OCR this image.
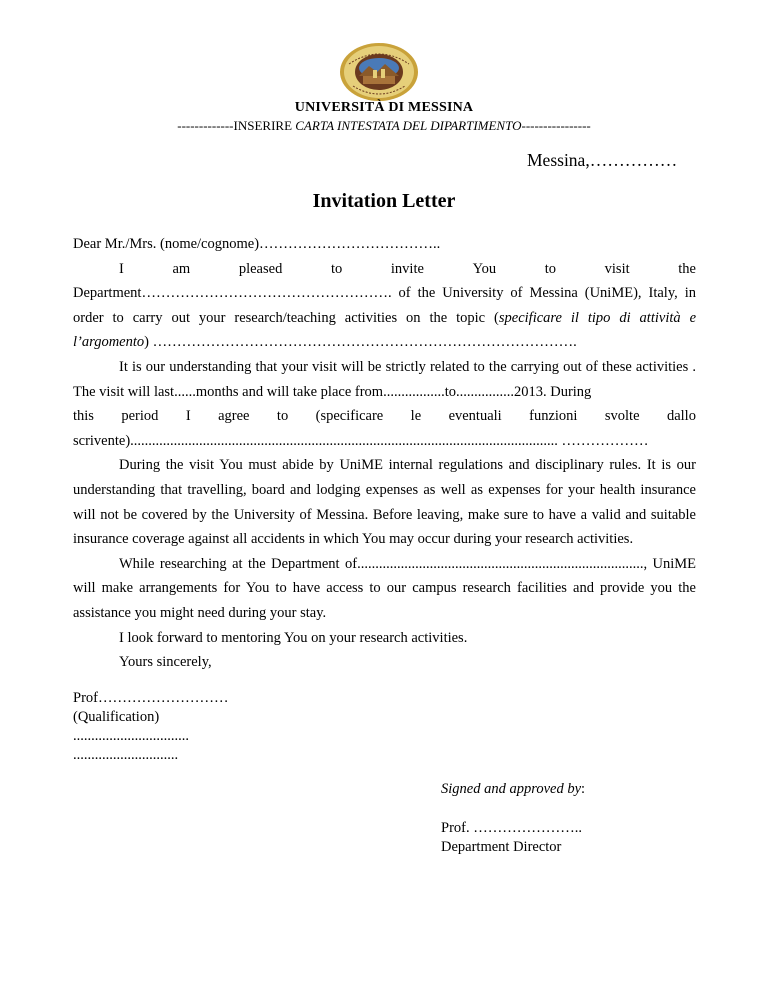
UNIVERSITÀ DI MESSINA
-------------INSERIRE CARTA INTESTATA DEL DIPARTIMENTO----------------
Messina,……………
Invitation Letter

Dear Mr./Mrs. (nome/cognome)………………………………..

I	am	pleased	to	invite	You	to	visit	the

Department……………………………………………. of the University of Messina (UniME), Italy, in order to carry out your research/teaching activities on the topic (specificare il tipo di attività e l’argomento) …………………………………………………………………………….

It is our understanding that your visit will be strictly related to the carrying out of these activities . The visit will last......months and will take place from.................to................2013. During

this period I agree to (specificare le eventuali funzioni svolte dallo

scrivente)...................................................................................................................... ………………

During the visit You must abide by UniME internal regulations and disciplinary rules. It is our understanding that travelling, board and lodging expenses as well as expenses for your health insurance will not be covered by the University of Messina. Before leaving, make sure to have a valid and suitable insurance coverage against all accidents in which You may occur during your research activities.

While researching at the Department of..............................................................................., UniME will make arrangements for You to have access to our campus research facilities and provide you the assistance you might need during your stay.

I look forward to mentoring You on your research activities.

Yours sincerely,

Prof………………………
(Qualification)
................................
.............................
Signed and approved by:
Prof. …………………..
Department Director
